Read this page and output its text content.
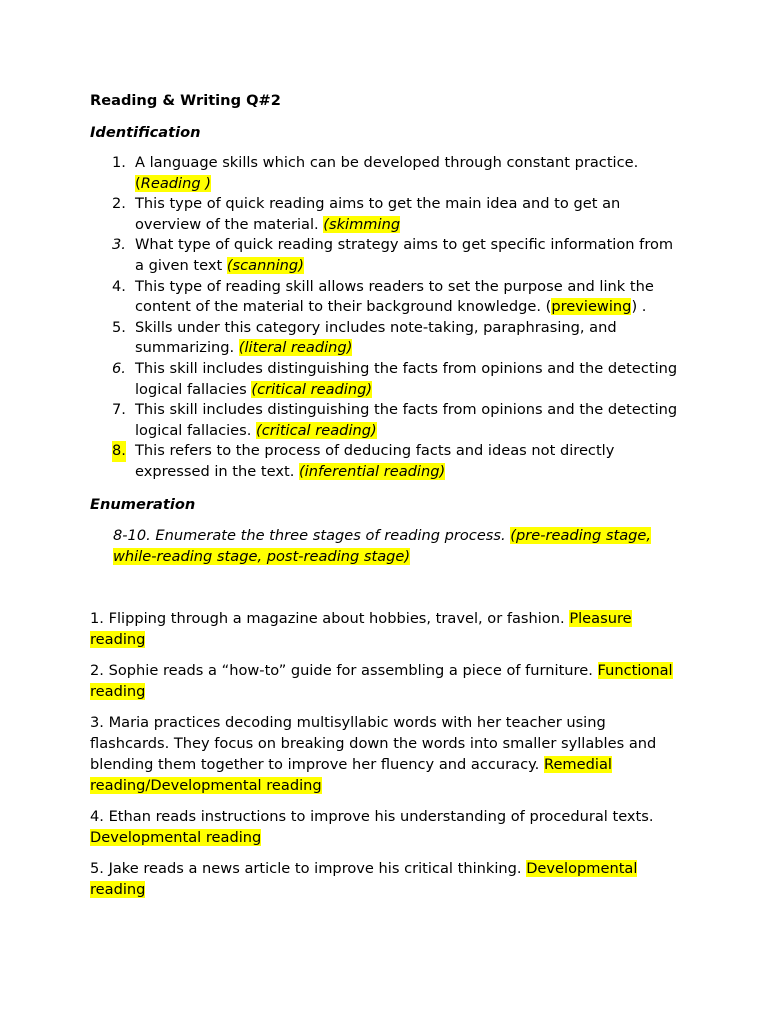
Reading & Writing Q#2

Identification

1. A language skills which can be developed through constant practice. (Reading )
2. This type of quick reading aims to get the main idea and to get an overview of the material. (skimming
3. What type of quick reading strategy aims to get specific information from a given text (scanning)
4. This type of reading skill allows readers to set the purpose and link the content of the material to their background knowledge. (previewing) .
5. Skills under this category includes note-taking, paraphrasing, and summarizing. (literal reading)
6. This skill includes distinguishing the facts from opinions and the detecting logical fallacies (critical reading)
7. This skill includes distinguishing the facts from opinions and the detecting logical fallacies. (critical reading)
8. This refers to the process of deducing facts and ideas not directly expressed in the text. (inferential reading)

Enumeration

8-10. Enumerate the three stages of reading process. (pre-reading stage, while-reading stage, post-reading stage)

1. Flipping through a magazine about hobbies, travel, or fashion. Pleasure reading

2. Sophie reads a “how-to” guide for assembling a piece of furniture. Functional reading

3. Maria practices decoding multisyllabic words with her teacher using flashcards. They focus on breaking down the words into smaller syllables and blending them together to improve her fluency and accuracy. Remedial reading/Developmental reading

4. Ethan reads instructions to improve his understanding of procedural texts. Developmental reading

5. Jake reads a news article to improve his critical thinking. Developmental reading
